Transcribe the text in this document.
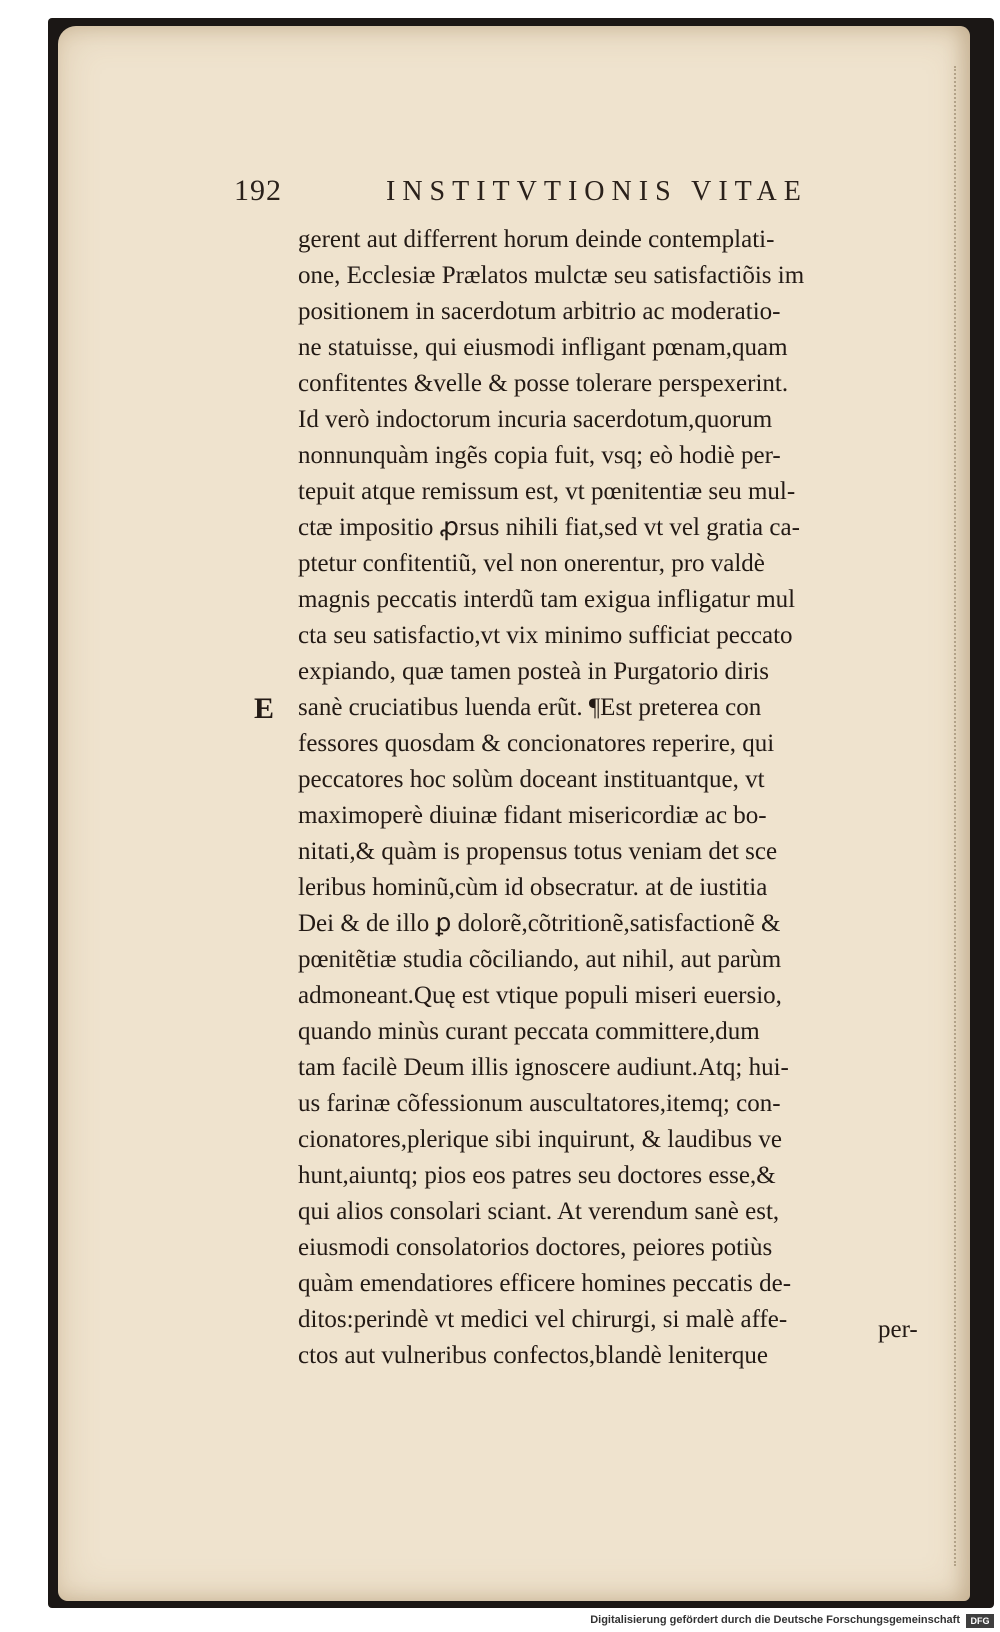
192	INSTITVTIONIS VITAE
E
gerent aut differrent horum deinde contemplati-
one, Ecclesiæ Prælatos mulctæ seu satisfactiõis im
positionem in sacerdotum arbitrio ac moderatio-
ne statuisse, qui eiusmodi infligant pœnam,quam
confitentes &velle & posse tolerare perspexerint.
Id verò indoctorum incuria sacerdotum,quorum
nonnunquàm ingẽs copia fuit, vsq; eò hodiè per-
tepuit atque remissum est, vt pœnitentiæ seu mul-
ctæ impositio ꝓrsus nihili fiat,sed vt vel gratia ca-
ptetur confitentiũ, vel non onerentur, pro valdè
magnis peccatis interdũ tam exigua infligatur mul
cta seu satisfactio,vt vix minimo sufficiat peccato
expiando, quæ tamen posteà in Purgatorio diris
sanè cruciatibus luenda erũt. ¶Est preterea con
fessores quosdam & concionatores reperire, qui
peccatores hoc solùm doceant instituantque, vt
maximoperè diuinæ fidant misericordiæ ac bo-
nitati,& quàm is propensus totus veniam det sce
leribus hominũ,cùm id obsecratur. at de iustitia
Dei & de illo ꝑ dolorẽ,cõtritionẽ,satisfactionẽ &
pœnitẽtiæ studia cõciliando, aut nihil, aut parùm
admoneant.Quę est vtique populi miseri euersio,
quando minùs curant peccata committere,dum
tam facilè Deum illis ignoscere audiunt.Atq; hui-
us farinæ cõfessionum auscultatores,itemq; con-
cionatores,plerique sibi inquirunt, & laudibus ve
hunt,aiuntq; pios eos patres seu doctores esse,&
qui alios consolari sciant. At verendum sanè est,
eiusmodi consolatorios doctores, peiores potiùs
quàm emendatiores efficere homines peccatis de-
ditos:perindè vt medici vel chirurgi, si malè affe-
ctos aut vulneribus confectos,blandè leniterque
per-
Digitalisierung gefördert durch die Deutsche Forschungsgemeinschaft	DFG
